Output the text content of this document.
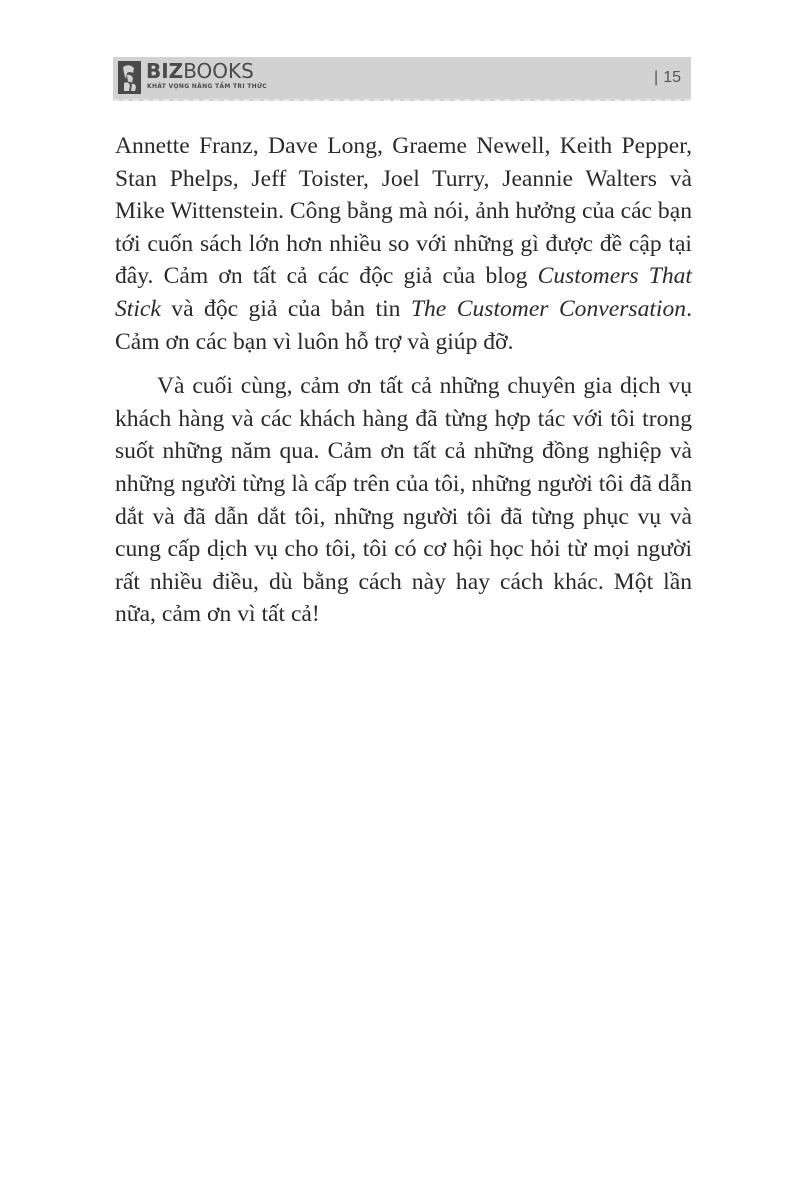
BIZBOOKS
KHÁT VỌNG NÂNG TẦM TRI THỨC
| 15

Annette Franz, Dave Long, Graeme Newell, Keith Pepper, Stan Phelps, Jeff Toister, Joel Turry, Jeannie Walters và Mike Wittenstein. Công bằng mà nói, ảnh hưởng của các bạn tới cuốn sách lớn hơn nhiều so với những gì được đề cập tại đây. Cảm ơn tất cả các độc giả của blog Customers That Stick và độc giả của bản tin The Customer Conversation. Cảm ơn các bạn vì luôn hỗ trợ và giúp đỡ.

Và cuối cùng, cảm ơn tất cả những chuyên gia dịch vụ khách hàng và các khách hàng đã từng hợp tác với tôi trong suốt những năm qua. Cảm ơn tất cả những đồng nghiệp và những người từng là cấp trên của tôi, những người tôi đã dẫn dắt và đã dẫn dắt tôi, những người tôi đã từng phục vụ và cung cấp dịch vụ cho tôi, tôi có cơ hội học hỏi từ mọi người rất nhiều điều, dù bằng cách này hay cách khác. Một lần nữa, cảm ơn vì tất cả!
